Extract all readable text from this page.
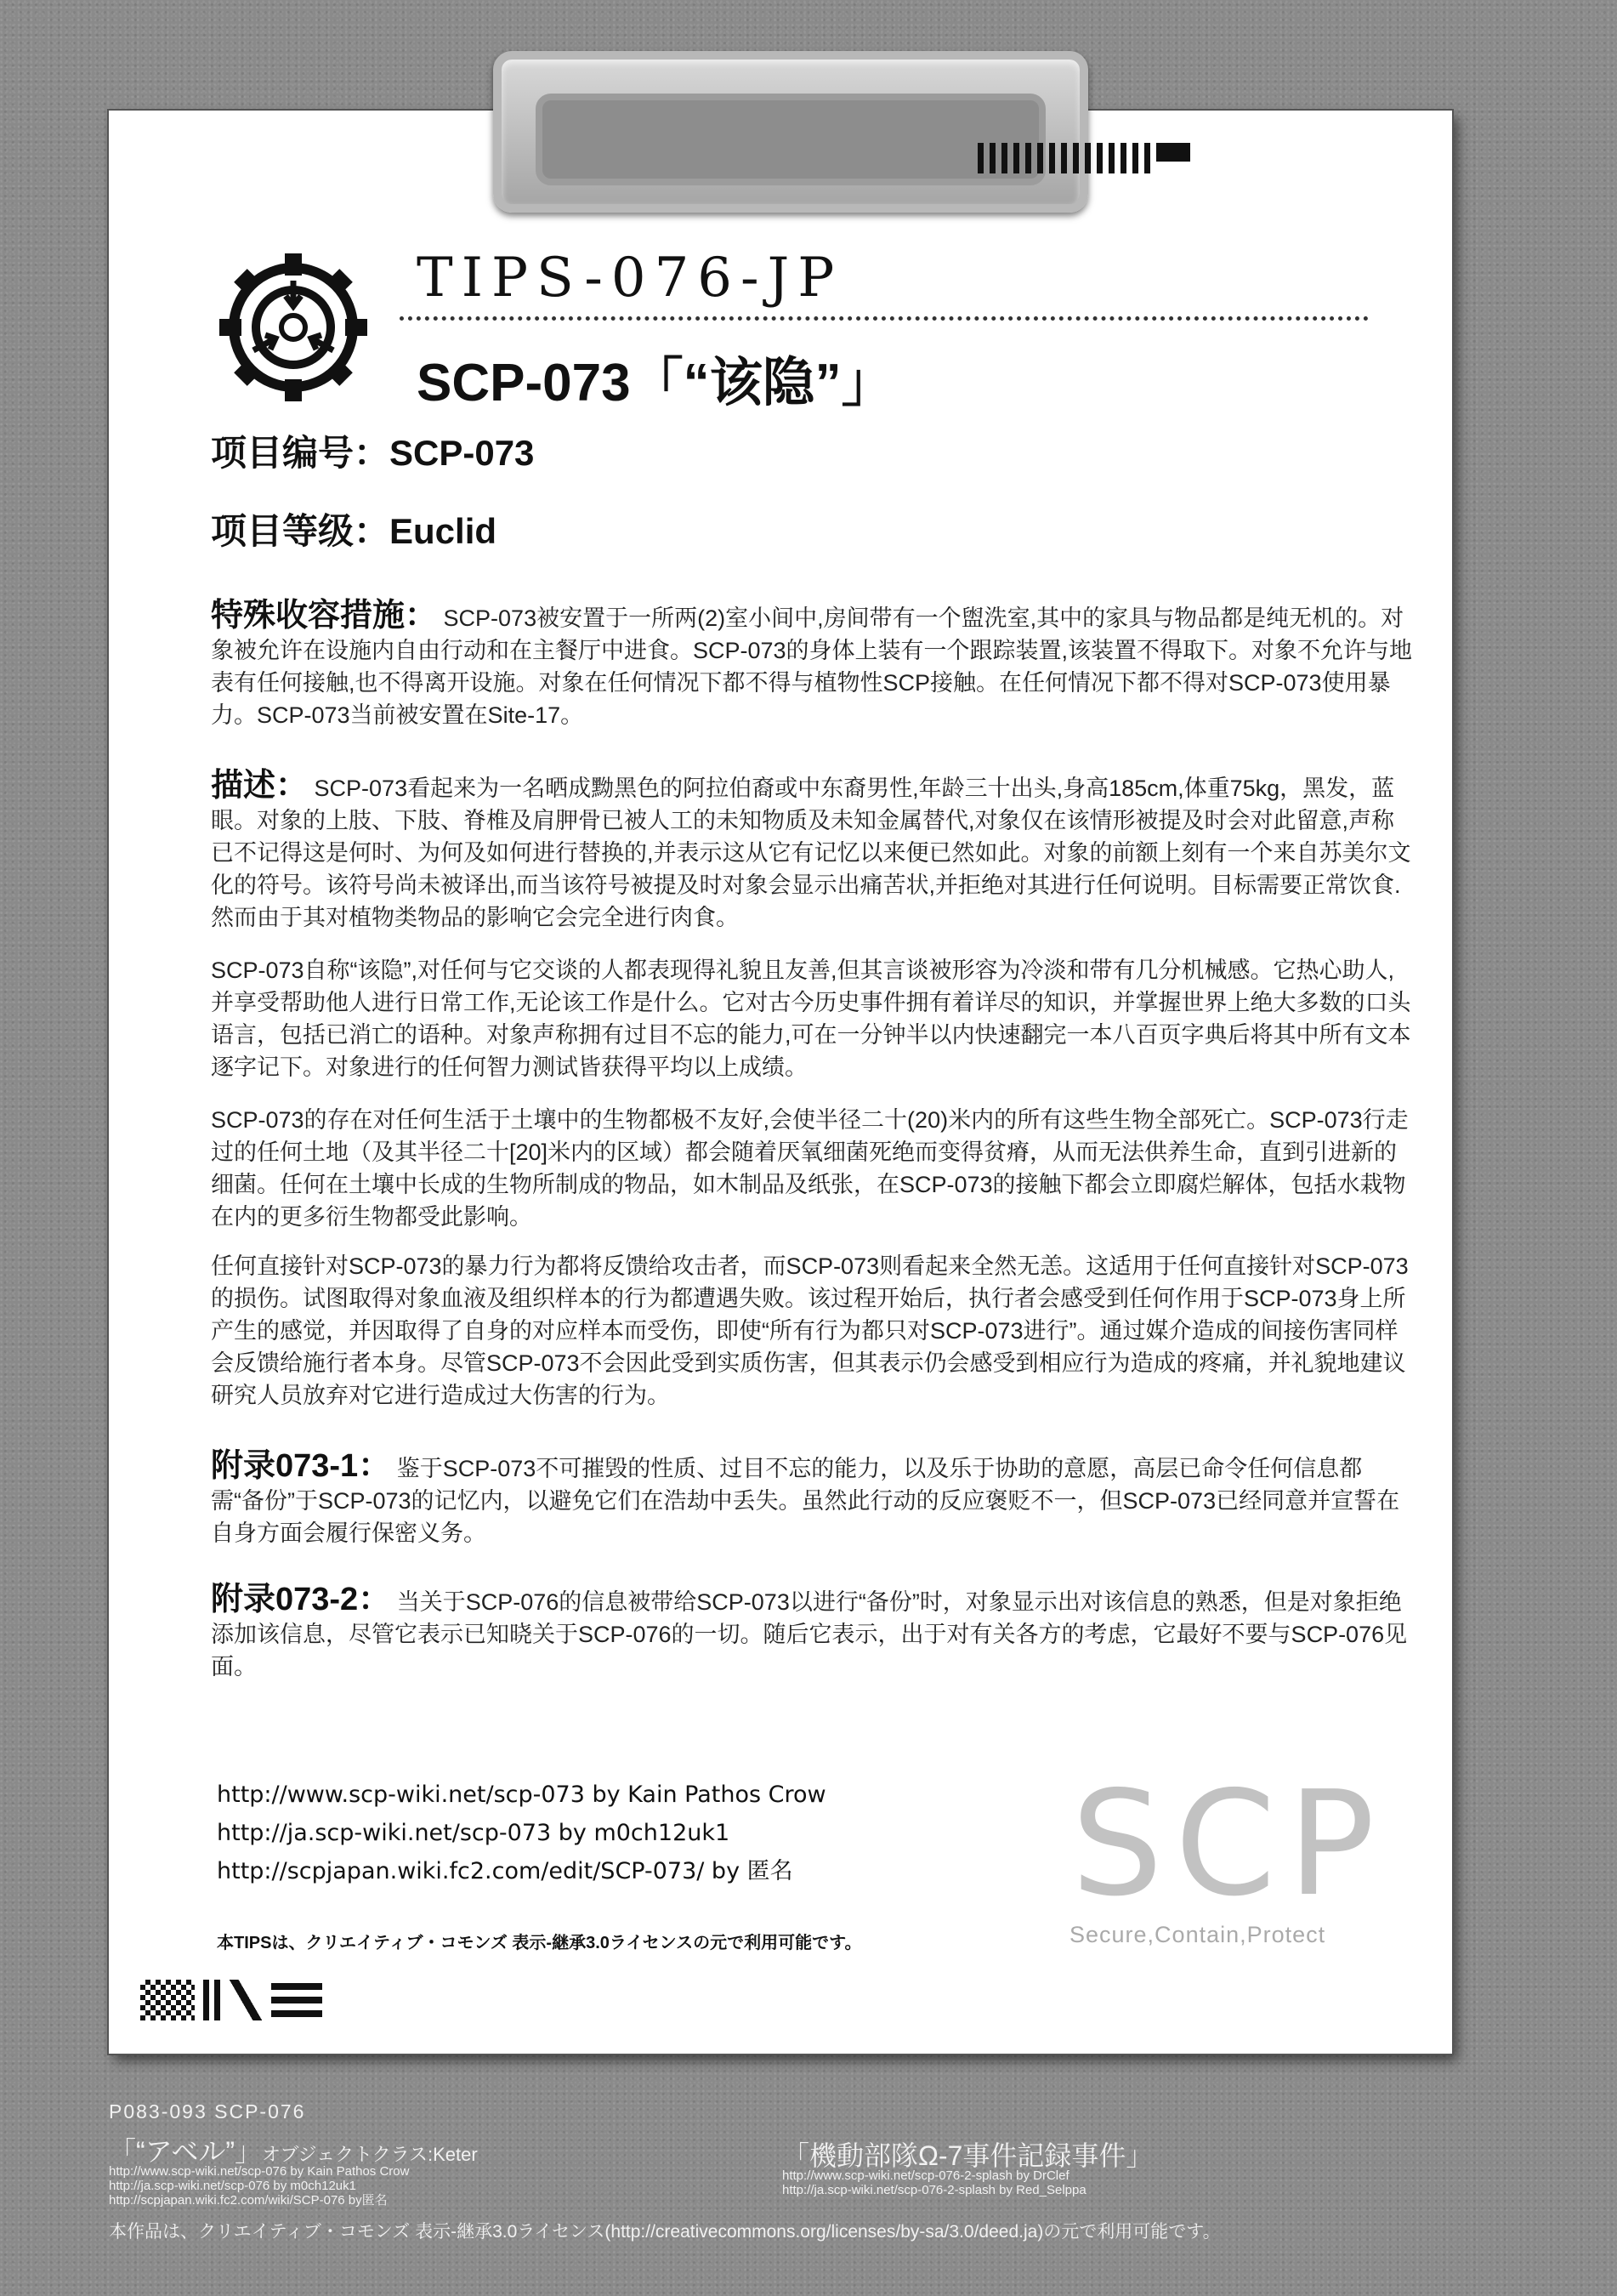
TIPS-076-JP
SCP-073「“该隐”」
项目编号：SCP-073
项目等级：Euclid
特殊收容措施： SCP-073被安置于一所两(2)室小间中,房间带有一个盥洗室,其中的家具与物品都是纯无机的。对象被允许在设施内自由行动和在主餐厅中进食。SCP-073的身体上装有一个跟踪装置,该装置不得取下。对象不允许与地表有任何接触,也不得离开设施。对象在任何情况下都不得与植物性SCP接触。在任何情况下都不得对SCP-073使用暴力。SCP-073当前被安置在Site-17。
描述： SCP-073看起来为一名晒成黝黑色的阿拉伯裔或中东裔男性,年龄三十出头,身高185cm,体重75kg，黑发，蓝眼。对象的上肢、下肢、脊椎及肩胛骨已被人工的未知物质及未知金属替代,对象仅在该情形被提及时会对此留意,声称已不记得这是何时、为何及如何进行替换的,并表示这从它有记忆以来便已然如此。对象的前额上刻有一个来自苏美尔文化的符号。该符号尚未被译出,而当该符号被提及时对象会显示出痛苦状,并拒绝对其进行任何说明。目标需要正常饮食.然而由于其对植物类物品的影响它会完全进行肉食。
SCP-073自称“该隐”,对任何与它交谈的人都表现得礼貌且友善,但其言谈被形容为冷淡和带有几分机械感。它热心助人,并享受帮助他人进行日常工作,无论该工作是什么。它对古今历史事件拥有着详尽的知识，并掌握世界上绝大多数的口头语言，包括已消亡的语种。对象声称拥有过目不忘的能力,可在一分钟半以内快速翻完一本八百页字典后将其中所有文本逐字记下。对象进行的任何智力测试皆获得平均以上成绩。
SCP-073的存在对任何生活于土壤中的生物都极不友好,会使半径二十(20)米内的所有这些生物全部死亡。SCP-073行走过的任何土地（及其半径二十[20]米内的区域）都会随着厌氧细菌死绝而变得贫瘠，从而无法供养生命，直到引进新的细菌。任何在土壤中长成的生物所制成的物品，如木制品及纸张，在SCP-073的接触下都会立即腐烂解体，包括水栽物在内的更多衍生物都受此影响。
任何直接针对SCP-073的暴力行为都将反馈给攻击者，而SCP-073则看起来全然无恙。这适用于任何直接针对SCP-073的损伤。试图取得对象血液及组织样本的行为都遭遇失败。该过程开始后，执行者会感受到任何作用于SCP-073身上所产生的感觉，并因取得了自身的对应样本而受伤，即使“所有行为都只对SCP-073进行”。通过媒介造成的间接伤害同样会反馈给施行者本身。尽管SCP-073不会因此受到实质伤害，但其表示仍会感受到相应行为造成的疼痛，并礼貌地建议研究人员放弃对它进行造成过大伤害的行为。
附录073-1： 鉴于SCP-073不可摧毁的性质、过目不忘的能力，以及乐于协助的意愿，高层已命令任何信息都需“备份”于SCP-073的记忆内，以避免它们在浩劫中丢失。虽然此行动的反应褒贬不一，但SCP-073已经同意并宣誓在自身方面会履行保密义务。
附录073-2： 当关于SCP-076的信息被带给SCP-073以进行“备份”时，对象显示出对该信息的熟悉，但是对象拒绝添加该信息，尽管它表示已知晓关于SCP-076的一切。随后它表示，出于对有关各方的考虑，它最好不要与SCP-076见面。
http://www.scp-wiki.net/scp-073 by Kain Pathos Crow
http://ja.scp-wiki.net/scp-073 by m0ch12uk1
http://scpjapan.wiki.fc2.com/edit/SCP-073/ by 匿名
本TIPSは、クリエイティブ・コモンズ 表示-継承3.0ライセンスの元で利用可能です。
SCP
Secure,Contain,Protect
P083-093 SCP-076
「“アベル”」オブジェクトクラス:Keter
http://www.scp-wiki.net/scp-076 by Kain Pathos Crow
http://ja.scp-wiki.net/scp-076 by m0ch12uk1
http://scpjapan.wiki.fc2.com/wiki/SCP-076 by匿名
「機動部隊Ω-7事件記録事件」
http://www.scp-wiki.net/scp-076-2-splash by DrClef
http://ja.scp-wiki.net/scp-076-2-splash by Red_Selppa
本作品は、クリエイティブ・コモンズ 表示-継承3.0ライセンス(http://creativecommons.org/licenses/by-sa/3.0/deed.ja)の元で利用可能です。
